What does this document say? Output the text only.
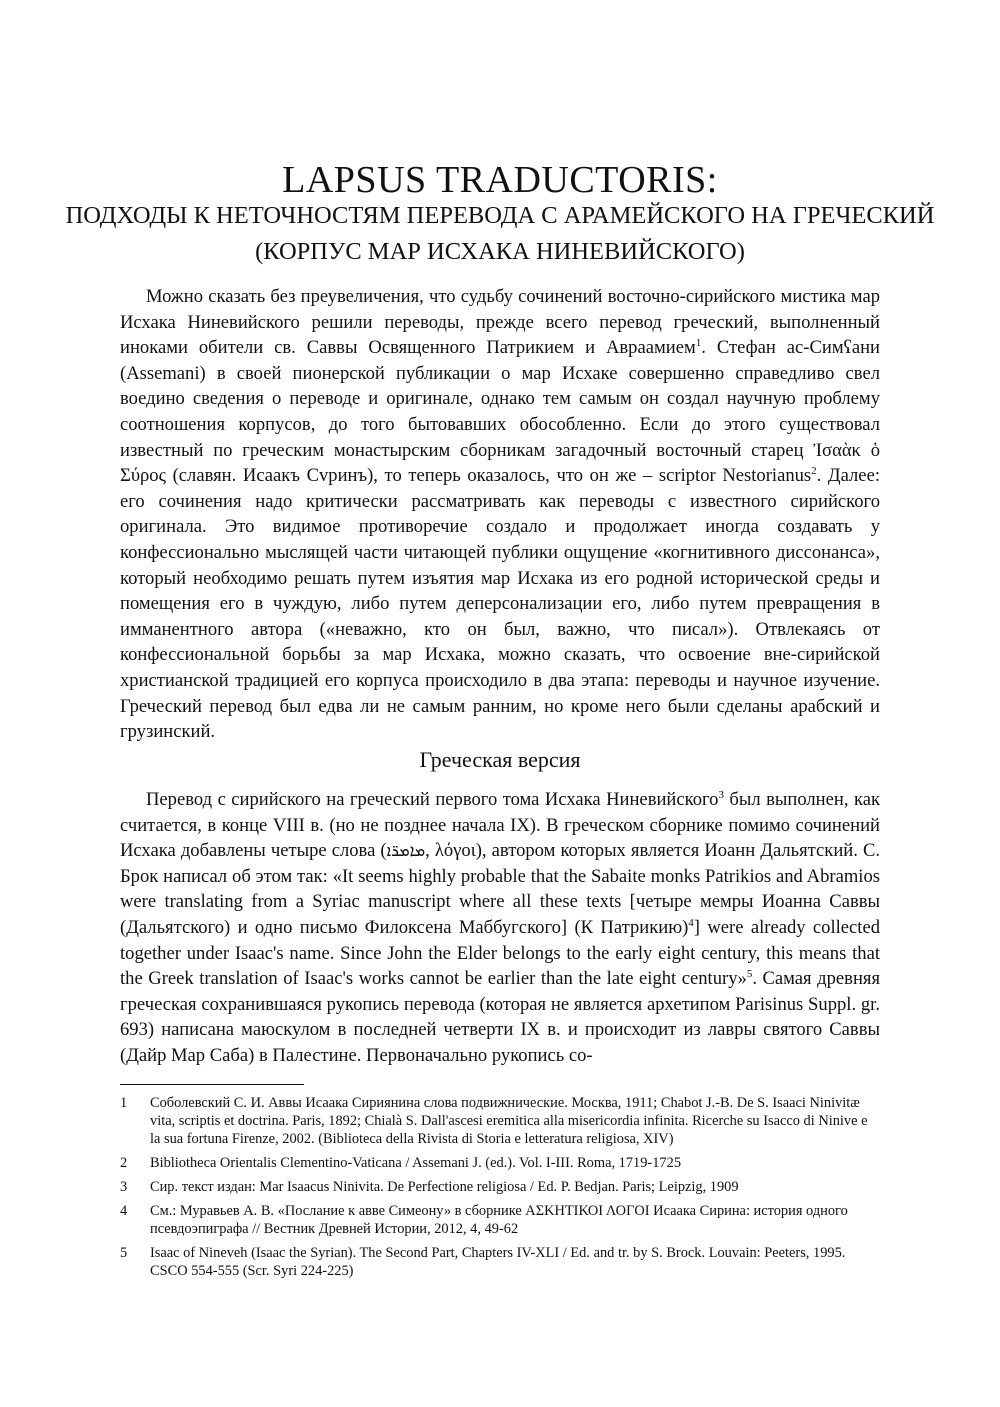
LAPSUS TRADUCTORIS:
ПОДХОДЫ К НЕТОЧНОСТЯМ ПЕРЕВОДА С АРАМЕЙСКОГО НА ГРЕЧЕСКИЙ
(КОРПУС МАР ИСХАКА НИНЕВИЙСКОГО)

Можно сказать без преувеличения, что судьбу сочинений восточно-сирийского мистика мар Исхака Ниневийского решили переводы, прежде всего перевод греческий, выполненный иноками обители св. Саввы Освященного Патрикием и Авраамием$^1$. Стефан ас-Симʕани (Assemani) в своей пионерской публикации о мар Исхаке совершенно справедливо свел воедино сведения о переводе и оригинале, однако тем самым он создал научную проблему соотношения корпусов, до того бытовавших обособленно. Если до этого существовал известный по греческим монастырским сборникам загадочный восточный старец Ἰσαὰκ ὁ Σύρος (славян. Исаакъ Сvринъ), то теперь оказалось, что он же – scriptor Nestorianus$^2$. Далее: его сочинения надо критически рассматривать как переводы с известного сирийского оригинала. Это видимое противоречие создало и продолжает иногда создавать у конфессионально мыслящей части читающей публики ощущение «когнитивного диссонанса», который необходимо решать путем изъятия мар Исхака из его родной исторической среды и помещения его в чуждую, либо путем деперсонализации его, либо путем превращения в имманентного автора («неважно, кто он был, важно, что писал»). Отвлекаясь от конфессиональной борьбы за мар Исхака, можно сказать, что освоение вне-сирийской христианской традицией его корпуса происходило в два этапа: переводы и научное изучение. Греческий перевод был едва ли не самым ранним, но кроме него были сделаны арабский и грузинский.

Греческая версия

Перевод с сирийского на греческий первого тома Исхака Ниневийского$^3$ был выполнен, как считается, в конце VIII в. (но не позднее начала IX). В греческом сборнике помимо сочинений Исхака добавлены четыре слова (ܡܐܡܪ̈ܐ, λόγοι), автором которых является Иоанн Дальятский. С. Брок написал об этом так: «It seems highly probable that the Sabaite monks Patrikios and Abramios were translating from a Syriac manuscript where all these texts [четыре мемры Иоанна Саввы (Дальятского) и одно письмо Филоксена Маббугского] (К Патрикию)$^4$] were already collected together under Isaac's name. Since John the Elder belongs to the early eight century, this means that the Greek translation of Isaac's works cannot be earlier than the late eight century»$^5$. Самая древняя греческая сохранившаяся рукопись перевода (которая не является архетипом Parisinus Suppl. gr. 693) написана маюскулом в последней четверти IX в. и происходит из лавры святого Саввы (Дайр Мар Саба) в Палестине. Первоначально рукопись со-

1	Соболевский С. И. Аввы Исаака Сириянина слова подвижнические. Москва, 1911; Chabot J.-B. De S. Isaaci Ninivitæ vita, scriptis et doctrina. Paris, 1892; Chialà S. Dall'ascesi eremitica alla misericordia infinita. Ricerche su Isacco di Ninive e la sua fortuna Firenze, 2002. (Biblioteca della Rivista di Storia e letteratura religiosa, XIV)
2	Bibliotheca Orientalis Clementino-Vaticana / Assemani J. (ed.). Vol. I-III. Roma, 1719-1725
3	Сир. текст издан: Mar Isaacus Ninivita. De Perfectione religiosa / Ed. P. Bedjan. Paris; Leipzig, 1909
4	См.: Муравьев А. В. «Послание к авве Симеону» в сборнике ΑΣΚΗΤΙΚΟΙ ΛΟΓΟΙ Исаака Сирина: история одного псевдоэпиграфа // Вестник Древней Истории, 2012, 4, 49-62
5	Isaac of Nineveh (Isaac the Syrian). The Second Part, Chapters IV-XLI / Ed. and tr. by S. Brock. Louvain: Peeters, 1995. CSCO 554-555 (Scr. Syri 224-225)
